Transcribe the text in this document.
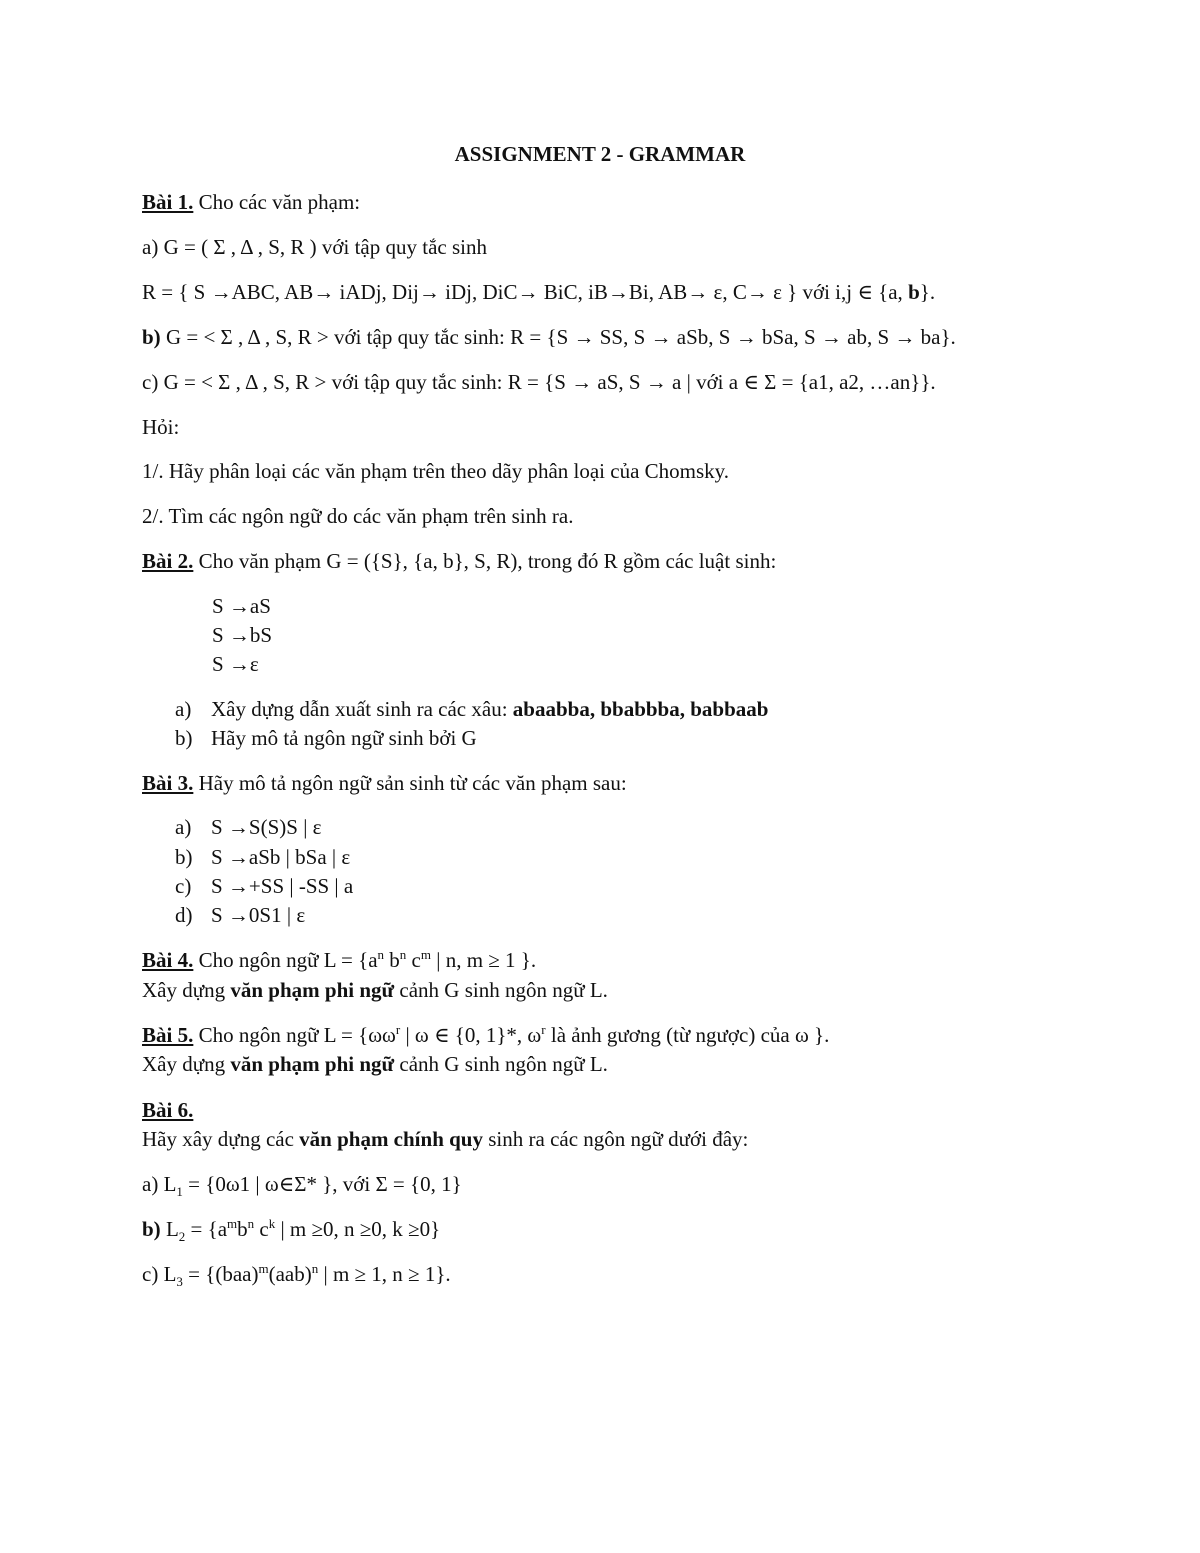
ASSIGNMENT 2 - GRAMMAR
Bài 1. Cho các văn phạm:
a) G = ( Σ , Δ , S, R ) với tập quy tắc sinh
R = { S →ABC, AB→ iADj, Dij→ iDj, DiC→ BiC, iB→Bi, AB→ ε, C→ ε } với i,j ∈ {a, b}.
b) G = < Σ , Δ , S, R > với tập quy tắc sinh: R = {S → SS, S → aSb, S → bSa, S → ab, S → ba}.
c) G = < Σ , Δ , S, R > với tập quy tắc sinh: R = {S → aS, S → a | với a ∈ Σ = {a1, a2, …an}}.
Hỏi:
1/. Hãy phân loại các văn phạm trên theo dãy phân loại của Chomsky.
2/. Tìm các ngôn ngữ do các văn phạm trên sinh ra.
Bài 2. Cho văn phạm G = ({S}, {a, b}, S, R), trong đó R gồm các luật sinh:
S →aS
S →bS
S →ε
a) Xây dựng dẫn xuất sinh ra các xâu: abaabba, bbabbba, babbaab
b) Hãy mô tả ngôn ngữ sinh bởi G
Bài 3. Hãy mô tả ngôn ngữ sản sinh từ các văn phạm sau:
a) S →S(S)S | ε
b) S →aSb | bSa | ε
c) S →+SS | -SS | a
d) S →0S1 | ε
Bài 4. Cho ngôn ngữ $L = \{a^n$ $b^n$ $c^m$ | n, m ≥ 1 }.
Xây dựng văn phạm phi ngữ cảnh G sinh ngôn ngữ L.
Bài 5. Cho ngôn ngữ $L = \{\omega\omega^r$ | ω ∈ {0, 1}*, $\omega^r$ là ảnh gương (từ ngược) của ω }.
Xây dựng văn phạm phi ngữ cảnh G sinh ngôn ngữ L.
Bài 6.
Hãy xây dựng các văn phạm chính quy sinh ra các ngôn ngữ dưới đây:
a) $L_1 = \{0\omega 1$ | ω∈Σ* }, với Σ = {0, 1}
b) $L_2 = \{a^mb^n$ $c^k$ | m ≥0, n ≥0, k ≥0}
c) $L_3 = \{(baa)^m(aab)^n$ | m ≥ 1, n ≥ 1}.
